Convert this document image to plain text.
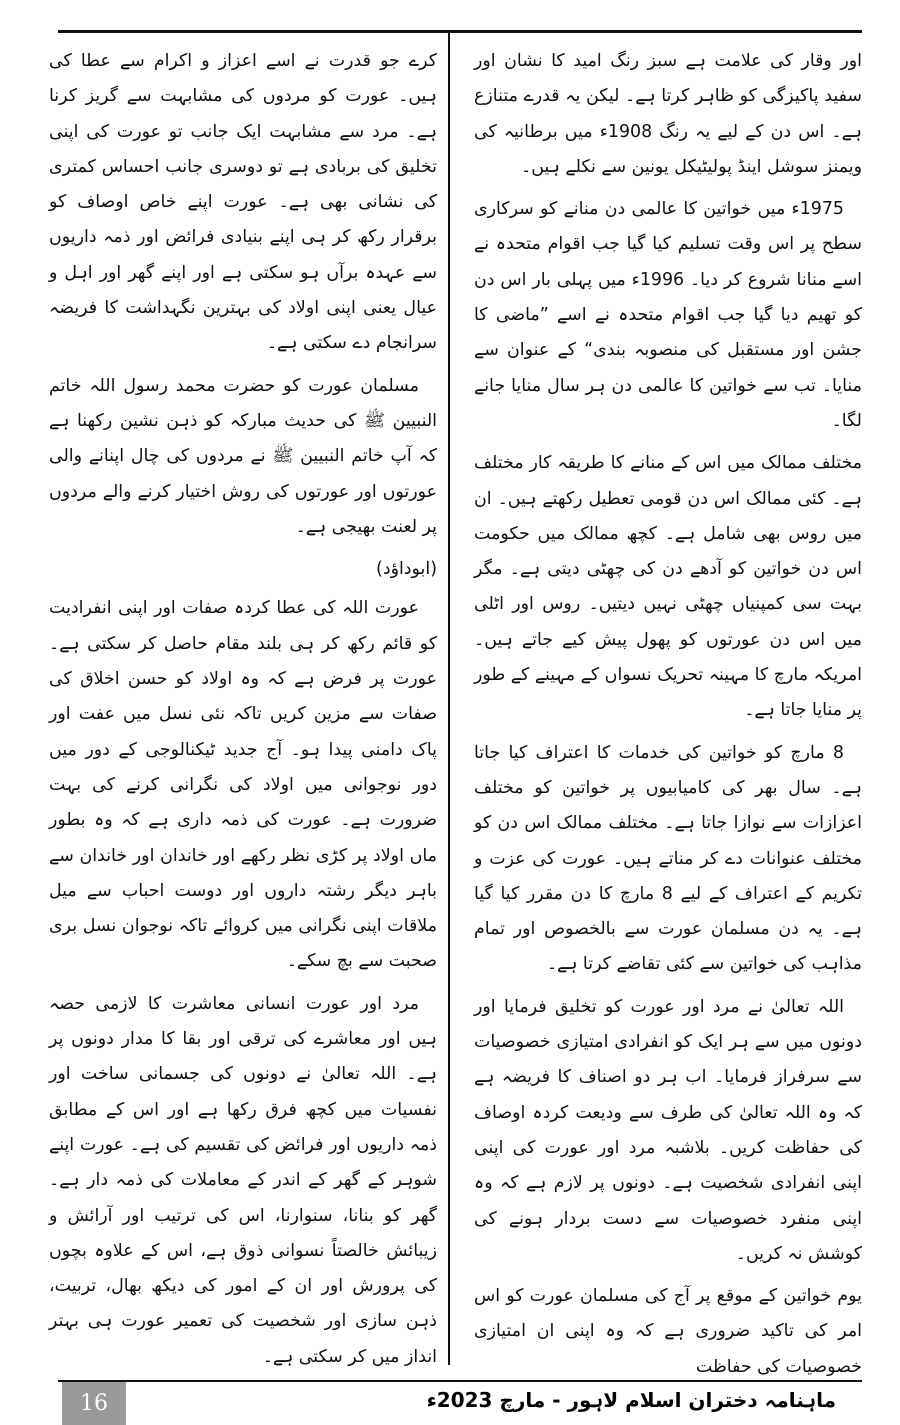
اور وقار کی علامت ہے سبز رنگ امید کا نشان اور سفید پاکیزگی کو ظاہر کرتا ہے۔ لیکن یہ قدرے متنازع ہے۔ اس دن کے لیے یہ رنگ 1908ء میں برطانیہ کی ویمنز سوشل اینڈ پولیٹیکل یونین سے نکلے ہیں۔

1975ء میں خواتین کا عالمی دن منانے کو سرکاری سطح پر اس وقت تسلیم کیا گیا جب اقوام متحدہ نے اسے منانا شروع کر دیا۔ 1996ء میں پہلی بار اس دن کو تھیم دیا گیا جب اقوام متحدہ نے اسے ”ماضی کا جشن اور مستقبل کی منصوبہ بندی“ کے عنوان سے منایا۔ تب سے خواتین کا عالمی دن ہر سال منایا جانے لگا۔

مختلف ممالک میں اس کے منانے کا طریقہ کار مختلف ہے۔ کئی ممالک اس دن قومی تعطیل رکھتے ہیں۔ ان میں روس بھی شامل ہے۔ کچھ ممالک میں حکومت اس دن خواتین کو آدھے دن کی چھٹی دیتی ہے۔ مگر بہت سی کمپنیاں چھٹی نہیں دیتیں۔ روس اور اٹلی میں اس دن عورتوں کو پھول پیش کیے جاتے ہیں۔ امریکہ مارچ کا مہینہ تحریک نسواں کے مہینے کے طور پر منایا جاتا ہے۔

8 مارچ کو خواتین کی خدمات کا اعتراف کیا جاتا ہے۔ سال بھر کی کامیابیوں پر خواتین کو مختلف اعزازات سے نوازا جاتا ہے۔ مختلف ممالک اس دن کو مختلف عنوانات دے کر مناتے ہیں۔ عورت کی عزت و تکریم کے اعتراف کے لیے 8 مارچ کا دن مقرر کیا گیا ہے۔ یہ دن مسلمان عورت سے بالخصوص اور تمام مذاہب کی خواتین سے کئی تقاضے کرتا ہے۔

اللہ تعالیٰ نے مرد اور عورت کو تخلیق فرمایا اور دونوں میں سے ہر ایک کو انفرادی امتیازی خصوصیات سے سرفراز فرمایا۔ اب ہر دو اصناف کا فریضہ ہے کہ وہ اللہ تعالیٰ کی طرف سے ودیعت کردہ اوصاف کی حفاظت کریں۔ بلاشبہ مرد اور عورت کی اپنی اپنی انفرادی شخصیت ہے۔ دونوں پر لازم ہے کہ وہ اپنی منفرد خصوصیات سے دست بردار ہونے کی کوشش نہ کریں۔

یوم خواتین کے موقع پر آج کی مسلمان عورت کو اس امر کی تاکید ضروری ہے کہ وہ اپنی ان امتیازی خصوصیات کی حفاظت

کرے جو قدرت نے اسے اعزاز و اکرام سے عطا کی ہیں۔ عورت کو مردوں کی مشابہت سے گریز کرنا ہے۔ مرد سے مشابہت ایک جانب تو عورت کی اپنی تخلیق کی بربادی ہے تو دوسری جانب احساس کمتری کی نشانی بھی ہے۔ عورت اپنے خاص اوصاف کو برقرار رکھ کر ہی اپنے بنیادی فرائض اور ذمہ داریوں سے عہدہ برآں ہو سکتی ہے اور اپنے گھر اور اہل و عیال یعنی اپنی اولاد کی بہترین نگہداشت کا فریضہ سرانجام دے سکتی ہے۔

مسلمان عورت کو حضرت محمد رسول اللہ خاتم النبیین ﷺ کی حدیث مبارکہ کو ذہن نشین رکھنا ہے کہ آپ خاتم النبیین ﷺ نے مردوں کی چال اپنانے والی عورتوں اور عورتوں کی روش اختیار کرنے والے مردوں پر لعنت بھیجی ہے۔

(ابوداؤد)

عورت اللہ کی عطا کردہ صفات اور اپنی انفرادیت کو قائم رکھ کر ہی بلند مقام حاصل کر سکتی ہے۔ عورت پر فرض ہے کہ وہ اولاد کو حسن اخلاق کی صفات سے مزین کریں تاکہ نئی نسل میں عفت اور پاک دامنی پیدا ہو۔ آج جدید ٹیکنالوجی کے دور میں دور نوجوانی میں اولاد کی نگرانی کرنے کی بہت ضرورت ہے۔ عورت کی ذمہ داری ہے کہ وہ بطور ماں اولاد پر کڑی نظر رکھے اور خاندان اور خاندان سے باہر دیگر رشتہ داروں اور دوست احباب سے میل ملاقات اپنی نگرانی میں کروائے تاکہ نوجوان نسل بری صحبت سے بچ سکے۔

مرد اور عورت انسانی معاشرت کا لازمی حصہ ہیں اور معاشرے کی ترقی اور بقا کا مدار دونوں پر ہے۔ اللہ تعالیٰ نے دونوں کی جسمانی ساخت اور نفسیات میں کچھ فرق رکھا ہے اور اس کے مطابق ذمہ داریوں اور فرائض کی تقسیم کی ہے۔ عورت اپنے شوہر کے گھر کے اندر کے معاملات کی ذمہ دار ہے۔ گھر کو بنانا، سنوارنا، اس کی ترتیب اور آرائش و زیبائش خالصتاً نسوانی ذوق ہے، اس کے علاوہ بچوں کی پرورش اور ان کے امور کی دیکھ بھال، تربیت، ذہن سازی اور شخصیت کی تعمیر عورت ہی بہتر انداز میں کر سکتی ہے۔

16	ماہنامہ دختران اسلام لاہور - مارچ 2023ء
